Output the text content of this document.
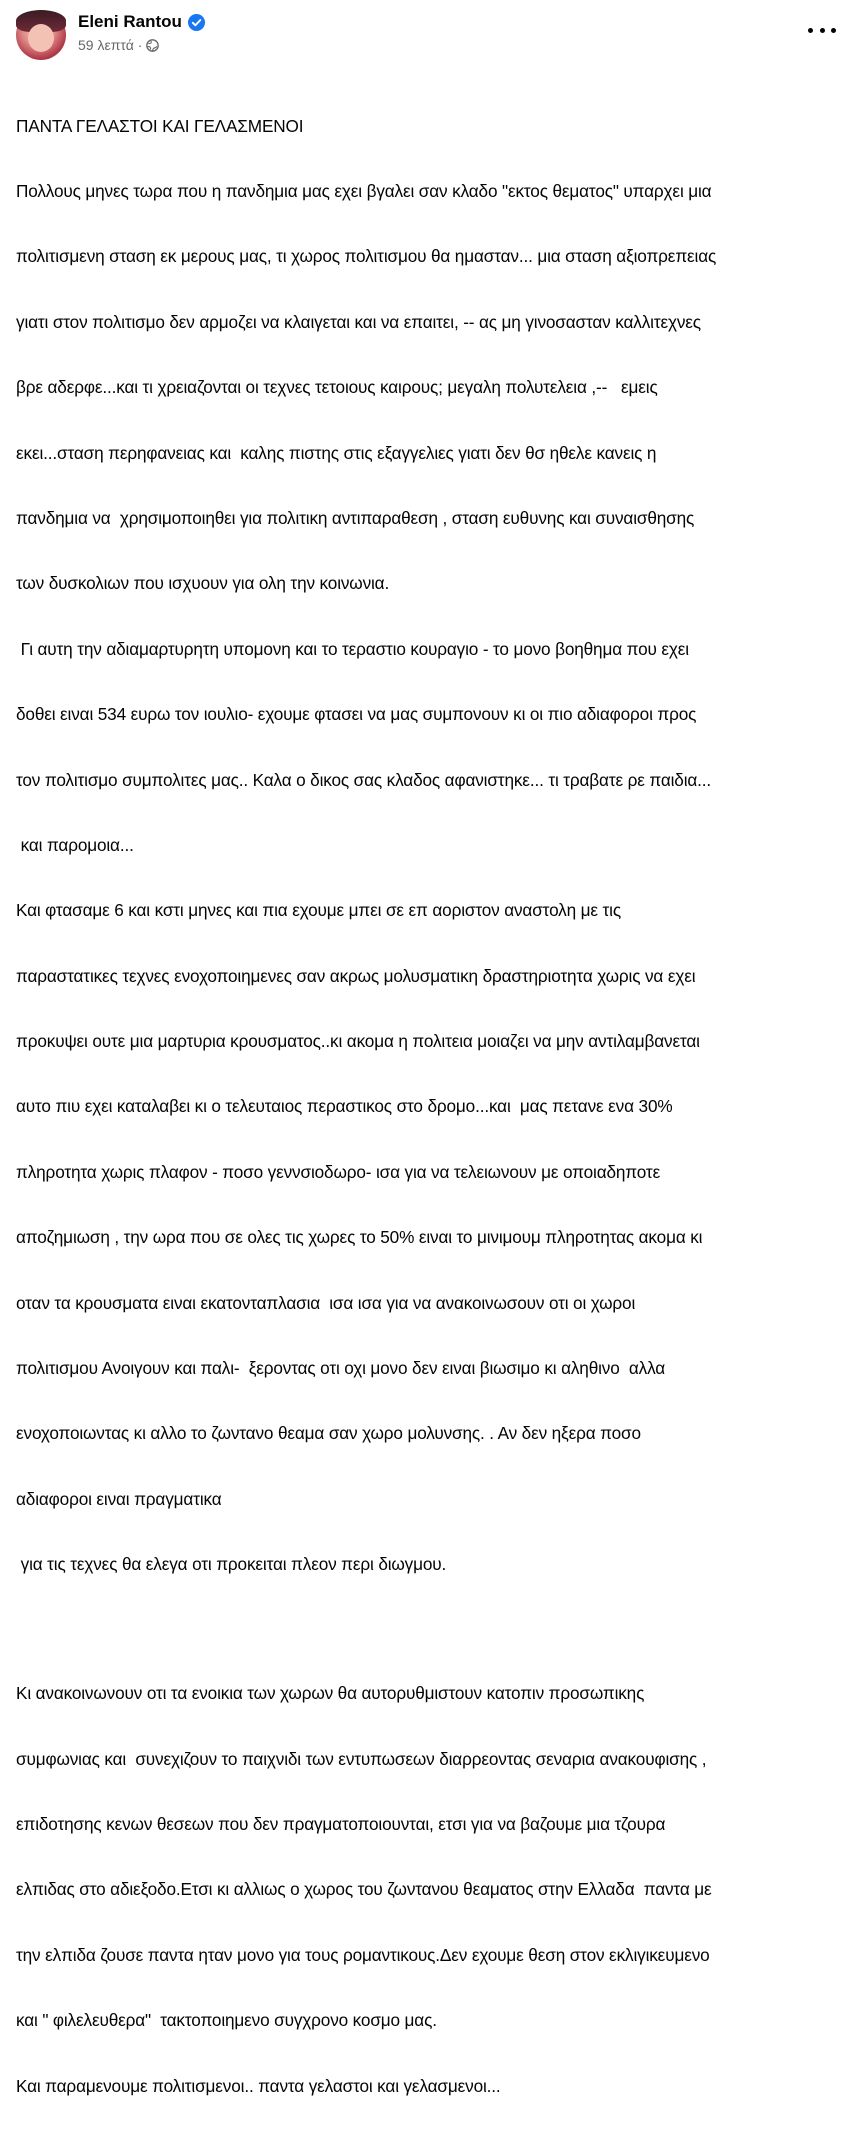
Eleni Rantou
59 λεπτά ·

ΠΑΝΤΑ ΓΕΛΑΣΤΟΙ ΚΑΙ ΓΕΛΑΣΜΕΝΟΙ

Πολλους μηνες τωρα που η πανδημια μας εχει βγαλει σαν κλαδο "εκτος θεματος" υπαρχει μια

πολιτισμενη σταση εκ μερους μας, τι χωρος πολιτισμου θα ημασταν... μια σταση αξιοπρεπειας

γιατι στον πολιτισμο δεν αρμοζει να κλαιγεται και να επαιτει, -- ας μη γινοσασταν καλλιτεχνες

βρε αδερφε...και τι χρειαζονται οι τεχνες τετοιους καιρους; μεγαλη πολυτελεια ,--   εμεις

εκει...σταση περηφανειας και  καλης πιστης στις εξαγγελιες γιατι δεν θσ ηθελε κανεις η

πανδημια να  χρησιμοποιηθει για πολιτικη αντιπαραθεση , σταση ευθυνης και συναισθησης

των δυσκολιων που ισχυουν για ολη την κοινωνια.

Γι αυτη την αδιαμαρτυρητη υπομονη και το τεραστιο κουραγιο - το μονο βοηθημα που εχει

δοθει ειναι 534 ευρω τον ιουλιο- εχουμε φτασει να μας συμπονουν κι οι πιο αδιαφοροι προς

τον πολιτισμο συμπολιτες μας.. Καλα ο δικος σας κλαδος αφανιστηκε... τι τραβατε ρε παιδια...

και παρομοια...

Και φτασαμε 6 και κστι μηνες και πια εχουμε μπει σε επ αοριστον αναστολη με τις

παραστατικες τεχνες ενοχοποιημενες σαν ακρως μολυσματικη δραστηριοτητα χωρις να εχει

προκυψει ουτε μια μαρτυρια κρουσματος..κι ακομα η πολιτεια μοιαζει να μην αντιλαμβανεται

αυτο πιυ εχει καταλαβει κι ο τελευταιος περαστικος στο δρομο...και  μας πετανε ενα 30%

πληροτητα χωρις πλαφον - ποσο γεννσιοδωρο- ισα για να τελειωνουν με οποιαδηποτε

αποζημιωση , την ωρα που σε ολες τις χωρες το 50% ειναι το μινιμουμ πληροτητας ακομα κι

οταν τα κρουσματα ειναι εκατονταπλασια  ισα ισα για να ανακοινωσουν οτι οι χωροι

πολιτισμου Ανοιγουν και παλι-  ξεροντας οτι οχι μονο δεν ειναι βιωσιμο κι αληθινο  αλλα

ενοχοποιωντας κι αλλο το ζωντανο θεαμα σαν χωρο μολυνσης. . Αν δεν ηξερα ποσο

αδιαφοροι ειναι πραγματικα

για τις τεχνες θα ελεγα οτι προκειται πλεον περι διωγμου.

Κι ανακοινωνουν οτι τα ενοικια των χωρων θα αυτορυθμιστουν κατοπιν προσωπικης

συμφωνιας και  συνεχιζουν το παιχνιδι των εντυπωσεων διαρρεοντας σεναρια ανακουφισης ,

επιδοτησης κενων θεσεων που δεν πραγματοποιουνται, ετσι για να βαζουμε μια τζουρα

ελπιδας στο αδιεξοδο.Ετσι κι αλλιως ο χωρος του ζωντανου θεαματος στην Ελλαδα  παντα με

την ελπιδα ζουσε παντα ηταν μονο για τους ρομαντικους.Δεν εχουμε θεση στον εκλιγικευμενο

και " φιλελευθερα"  τακτοποιημενο συγχρονο κοσμο μας.

Και παραμενουμε πολιτισμενοι.. παντα γελαστοι και γελασμενοι...
